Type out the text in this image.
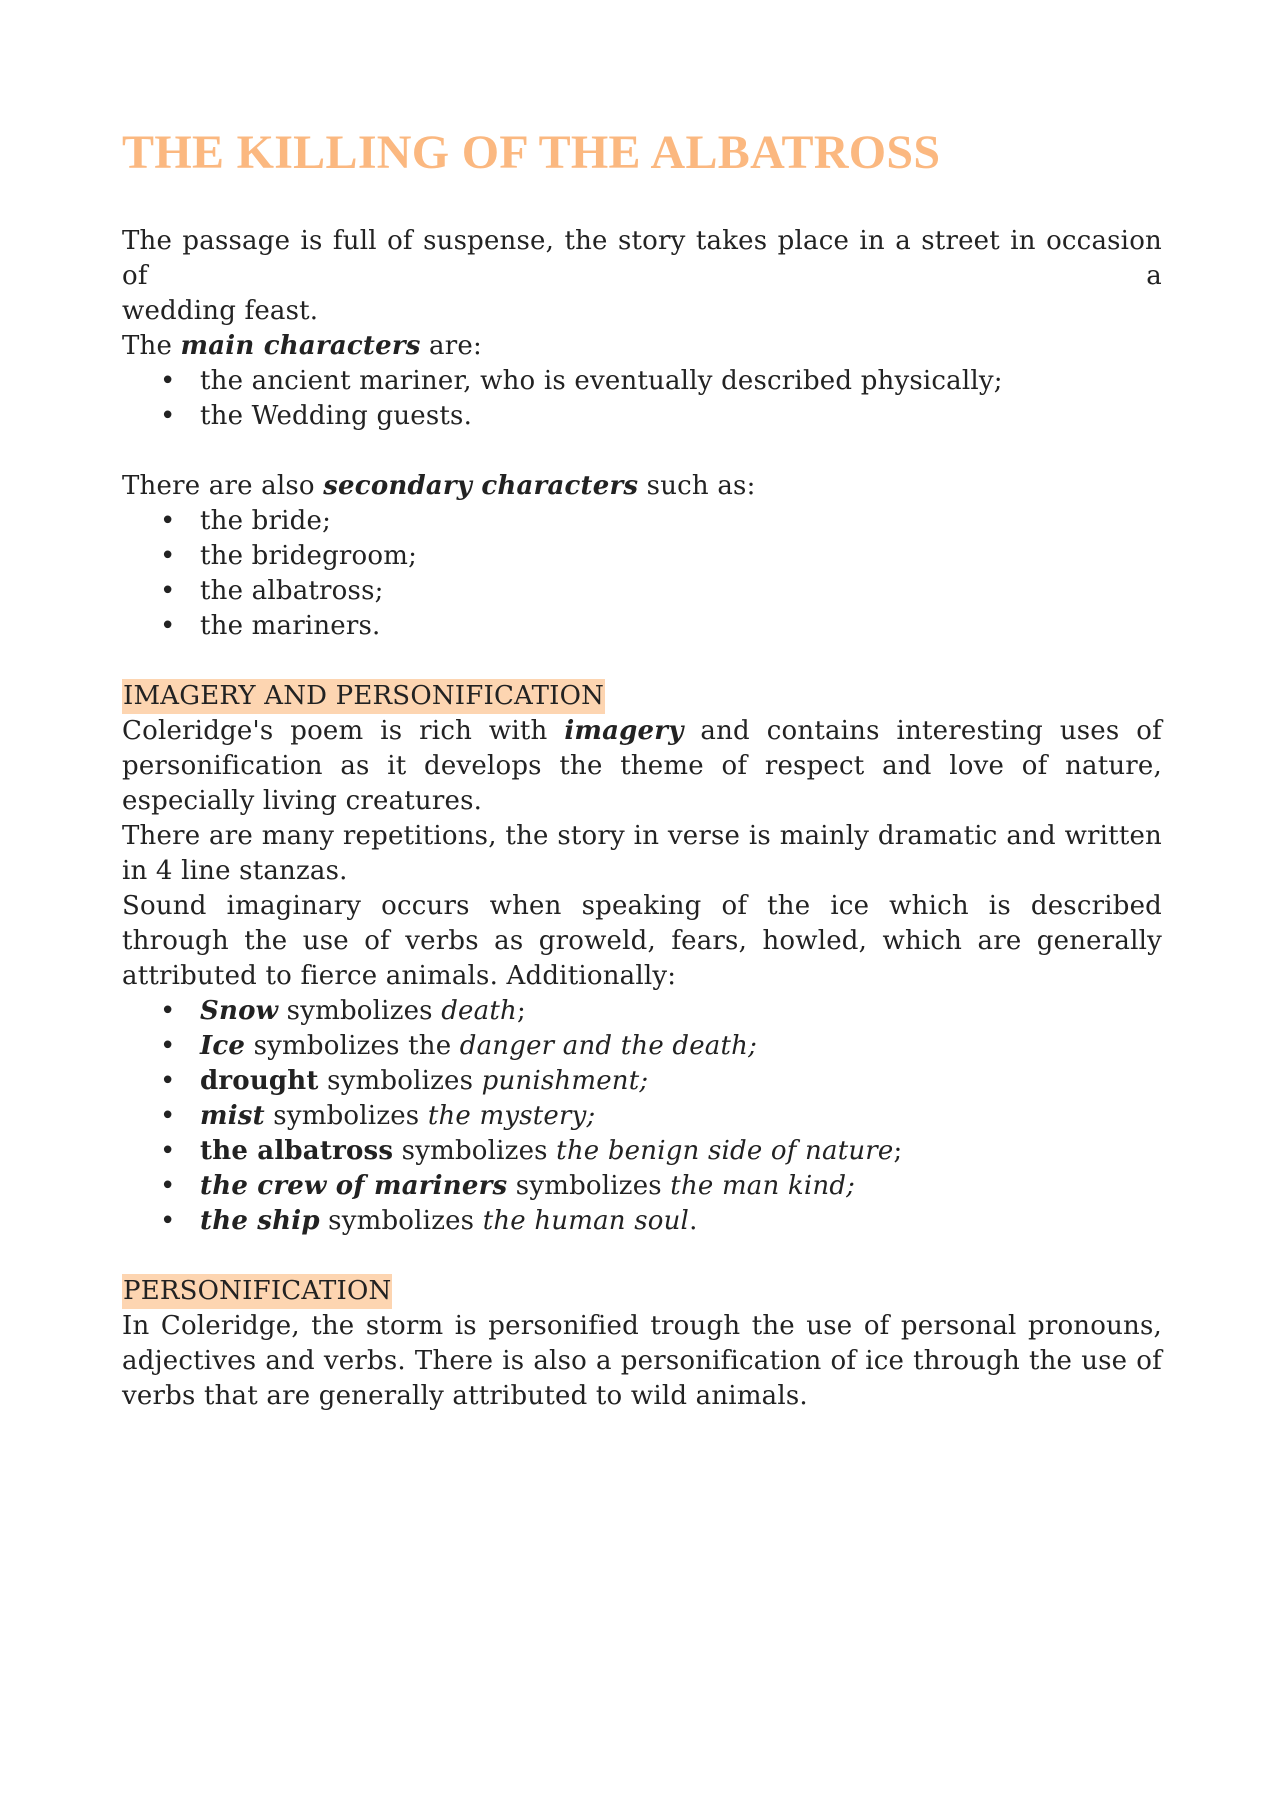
THE KILLING OF THE ALBATROSS

The passage is full of suspense, the story takes place in a street in occasion of a

wedding feast.

The main characters are:

• the ancient mariner, who is eventually described physically;
• the Wedding guests.

There are also secondary characters such as:

• the bride;
• the bridegroom;
• the albatross;
• the mariners.

IMAGERY AND PERSONIFICATION

Coleridge's poem is rich with imagery and contains interesting uses of personification as it develops the theme of respect and love of nature, especially living creatures.

There are many repetitions, the story in verse is mainly dramatic and written in 4 line stanzas.

Sound imaginary occurs when speaking of the ice which is described through the use of verbs as groweld, fears, howled, which are generally attributed to fierce animals. Additionally:

• Snow symbolizes death;
• Ice symbolizes the danger and the death;
• drought symbolizes punishment;
• mist symbolizes the mystery;
• the albatross symbolizes the benign side of nature;
• the crew of mariners symbolizes the man kind;
• the ship symbolizes the human soul.

PERSONIFICATION

In Coleridge, the storm is personified trough the use of personal pronouns, adjectives and verbs. There is also a personification of ice through the use of verbs that are generally attributed to wild animals.
